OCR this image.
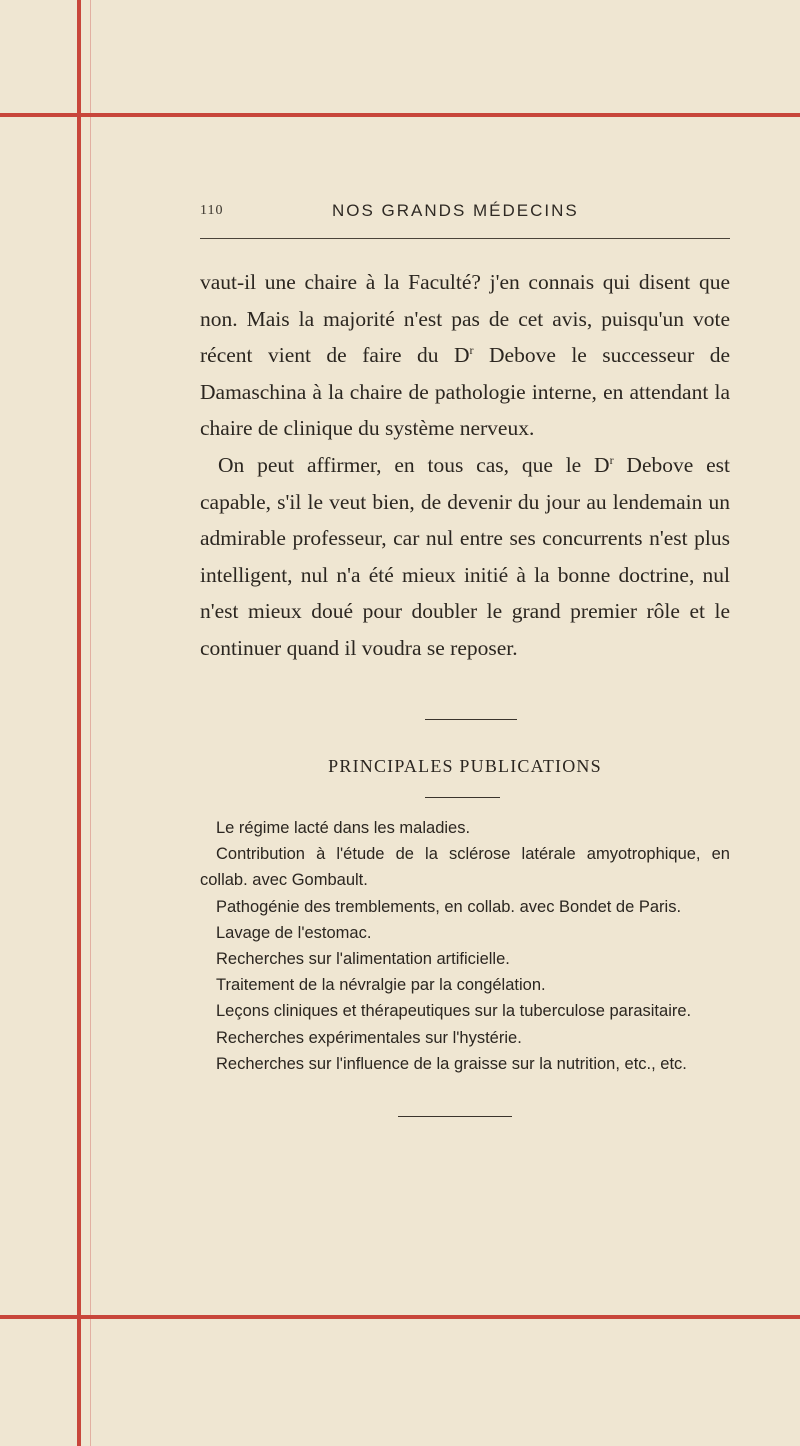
110	NOS GRANDS MÉDECINS

vaut-il une chaire à la Faculté? j'en connais qui disent que non. Mais la majorité n'est pas de cet avis, puisqu'un vote récent vient de faire du $D^r$ Debove le successeur de Damaschina à la chaire de pathologie interne, en attendant la chaire de clinique du système nerveux.

On peut affirmer, en tous cas, que le $D^r$ Debove est capable, s'il le veut bien, de devenir du jour au lendemain un admirable professeur, car nul entre ses concurrents n'est plus intelligent, nul n'a été mieux initié à la bonne doctrine, nul n'est mieux doué pour doubler le grand premier rôle et le continuer quand il voudra se reposer.

PRINCIPALES PUBLICATIONS
Le régime lacté dans les maladies.
Contribution à l'étude de la sclérose latérale amyotrophique, en collab. avec Gombault.
Pathogénie des tremblements, en collab. avec Bondet de Paris.
Lavage de l'estomac.
Recherches sur l'alimentation artificielle.
Traitement de la névralgie par la congélation.
Leçons cliniques et thérapeutiques sur la tuberculose parasitaire.
Recherches expérimentales sur l'hystérie.
Recherches sur l'influence de la graisse sur la nutrition, etc., etc.
